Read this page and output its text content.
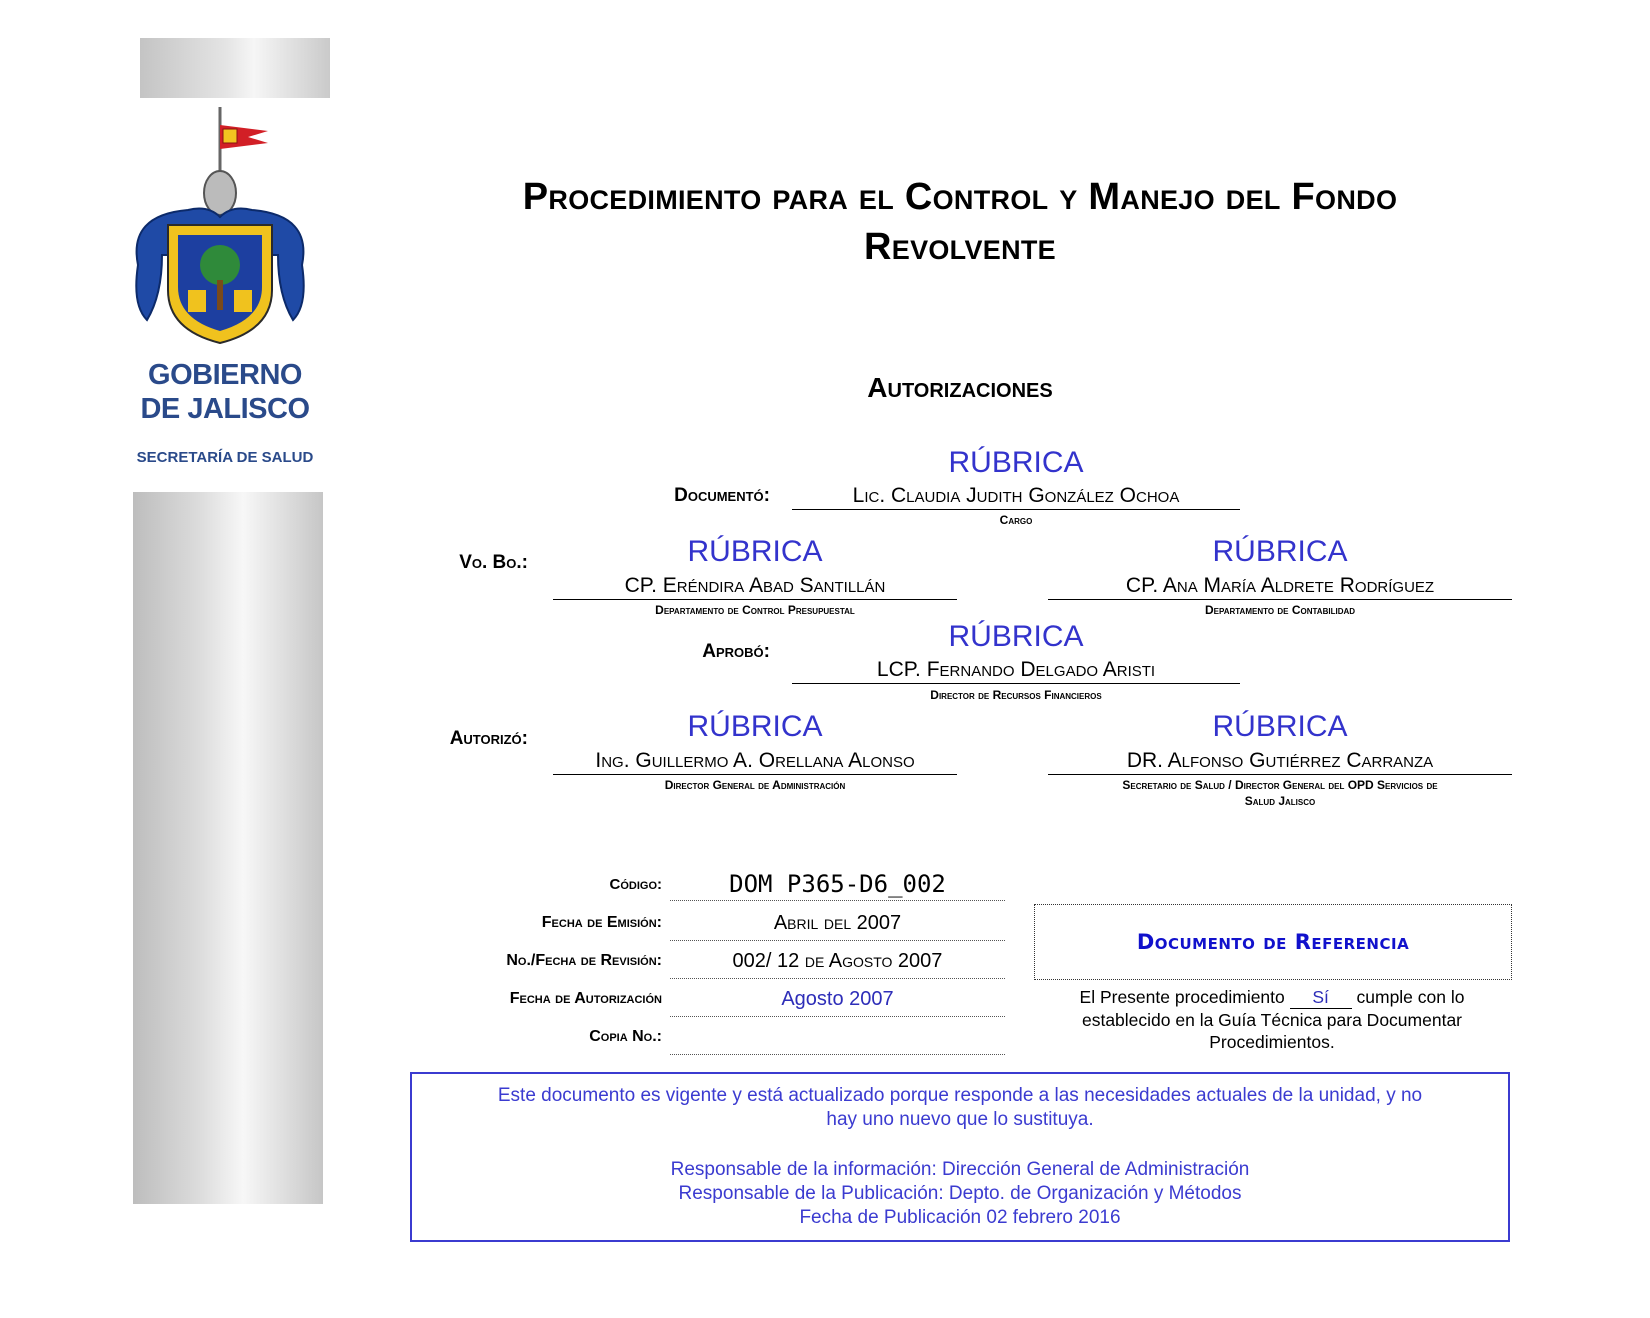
GOBIERNO
DE JALISCO
SECRETARÍA DE SALUD
Procedimiento para el Control y Manejo del Fondo
Revolvente
Autorizaciones
Documentó:
RÚBRICA
Lic. Claudia Judith González Ochoa
Cargo
Vo. Bo.:	RÚBRICA
CP. Eréndira Abad Santillán
Departamento de Control Presupuestal
RÚBRICA
CP. Ana María Aldrete Rodríguez
Departamento de Contabilidad
Aprobó:	RÚBRICA
LCP. Fernando Delgado Aristi
Director de Recursos Financieros
Autorizó:	RÚBRICA
Ing. Guillermo A. Orellana Alonso
Director General de Administración
RÚBRICA
DR. Alfonso Gutiérrez Carranza
Secretario de Salud / Director General del OPD Servicios de
Salud Jalisco
Código:	DOM P365-D6_002
Fecha de Emisión:	Abril del 2007
No./Fecha de Revisión:	002/ 12 de Agosto 2007
Fecha de Autorización	Agosto 2007
Copia No.:
Documento de Referencia
El Presente procedimiento Sí cumple con lo
establecido en la Guía Técnica para Documentar
Procedimientos.
Este documento es vigente y está actualizado porque responde a las necesidades actuales de la unidad, y no
hay uno nuevo que lo sustituya.
Responsable de la información: Dirección General de Administración
Responsable de la Publicación: Depto. de Organización y Métodos
Fecha de Publicación 02 febrero 2016
